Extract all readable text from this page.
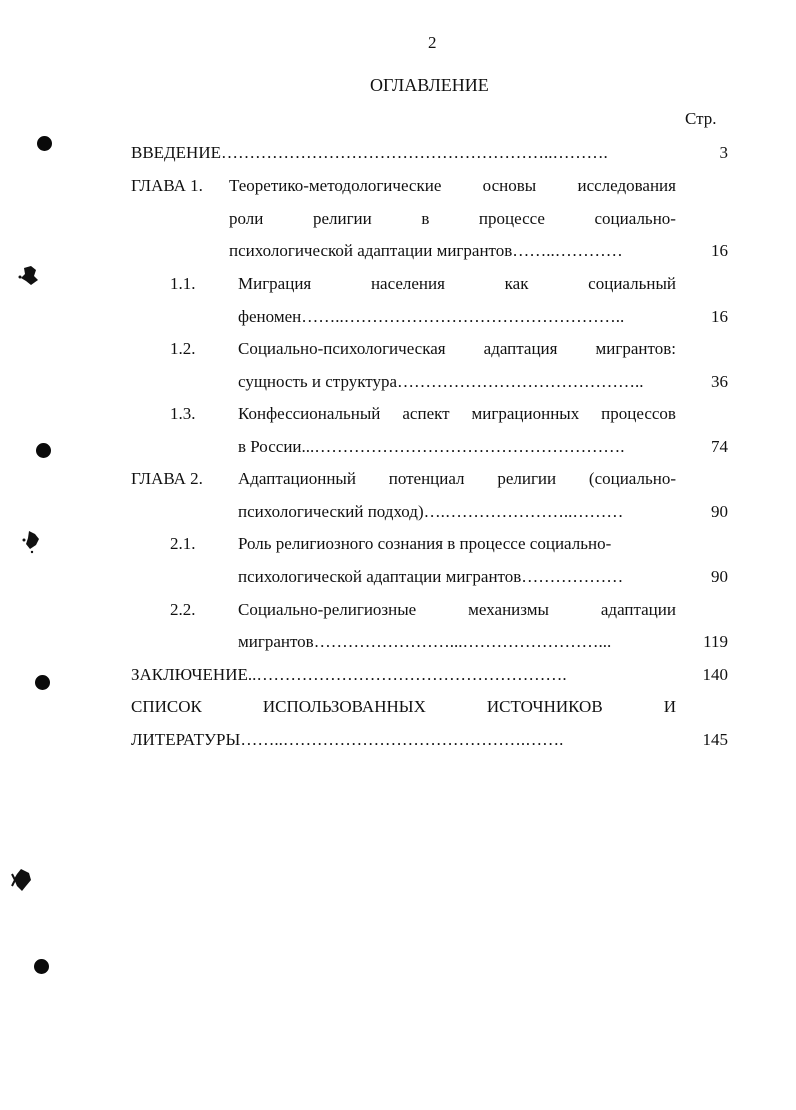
2
ОГЛАВЛЕНИЕ
Стр.
ВВЕДЕНИЕ…………………………………………………..……….	3
ГЛАВА 1. Теоретико-методологические основы исследования
роли	религии	в	процессе	социально-
психологической адаптации мигрантов……..…………	16
1.1.	Миграция	населения	как	социальный
феномен……..…………………………………………..	16
1.2.	Социально-психологическая адаптация мигрантов:
сущность и структура……………………………………..	36
1.3.	Конфессиональный аспект миграционных процессов
в России...……………………………………………….	74
ГЛАВА 2. Адаптационный потенциал религии (социально-
психологический подход)….…………………..………	90
2.1.	Роль религиозного сознания в процессе социально-
психологической адаптации мигрантов………………	90
2.2.	Социально-религиозные	механизмы	адаптации
мигрантов……………………...……………………...	119
ЗАКЛЮЧЕНИЕ..……………………………………………….	140
СПИСОК	ИСПОЛЬЗОВАННЫХ	ИСТОЧНИКОВ	И
ЛИТЕРАТУРЫ……..…………………………………….…….	145
